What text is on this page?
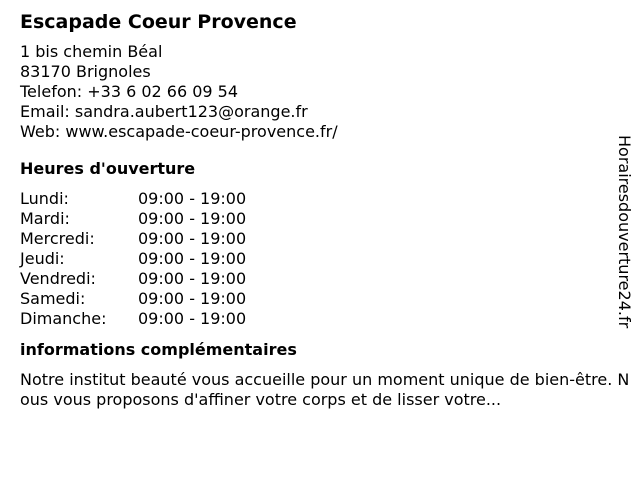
Escapade Coeur Provence
1 bis chemin Béal
83170 Brignoles
Telefon: +33 6 02 66 09 54
Email: sandra.aubert123@orange.fr
Web: www.escapade-coeur-provence.fr/
Heures d'ouverture
Lundi:	09:00 - 19:00
Mardi:	09:00 - 19:00
Mercredi:	09:00 - 19:00
Jeudi:	09:00 - 19:00
Vendredi:	09:00 - 19:00
Samedi:	09:00 - 19:00
Dimanche:	09:00 - 19:00
informations complémentaires
Notre institut beauté vous accueille pour un moment unique de bien-être. Nous vous proposons d'affiner votre corps et de lisser votre...
Horairesdouverture24.fr
